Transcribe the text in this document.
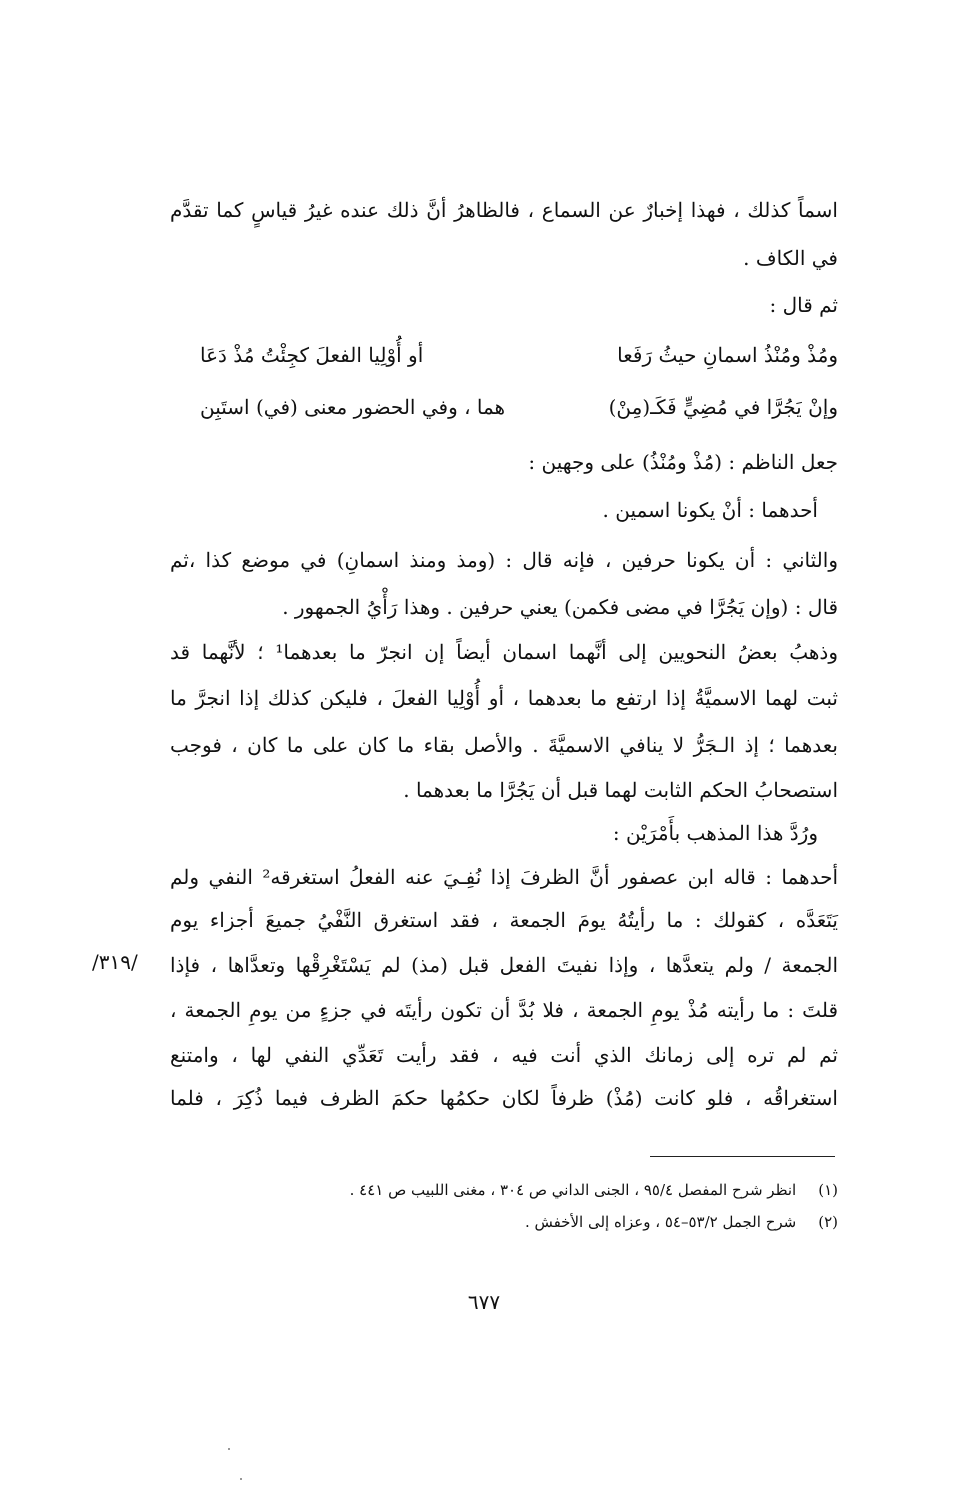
اسماً كذلك ، فهذا إخبارٌ عن السماع ، فالظاهرُ أنَّ ذلك عنده غيرُ قياسٍ كما تقدَّم
في الكاف .
ثم قال :
ومُذْ ومُنْذُ اسمانِ حيثُ رَفَعا
أو أُوْلِيا الفعلَ كجِئْتُ مُذْ دَعَا
وإنْ يَجُرَّا في مُضِيٍّ فَكَـ(مِنْ)
هما ، وفي الحضور معنى (في) استَبِن
جعل الناظم : (مُذْ ومُنْذُ) على وجهين :
أحدهما : أنْ يكونا اسمين .
والثاني : أن يكونا حرفين ، فإنه قال : (ومذ ومنذ اسمانِ) في موضع كذا ،ثم
قال : (وإن يَجُرَّا في مضى فكمن) يعني حرفين . وهذا رَأْيُ الجمهور .
وذهبُ بعضُ النحويين إلى أنَّهما اسمان أيضاً إن انجرّ ما بعدهما¹ ؛ لأنَّهما قد
ثبت لهما الاسميَّةُ إذا ارتفع ما بعدهما ، أو أُوْلِيا الفعلَ ، فليكن كذلك إذا انجرَّ ما
بعدهما ؛ إذ الـجَرُّ لا ينافي الاسميَّةَ . والأصل بقاء ما كان على ما كان ، فوجب
استصحابُ الحكم الثابت لهما قبل أن يَجُرَّا ما بعدهما .
ورُدَّ هذا المذهب بأَمْرَيْن :
أحدهما : قاله ابن عصفور أنَّ الظرفَ إذا نُفِـيَ عنه الفعلُ استغرقه² النفي ولم
يَتَعَدَّه ، كقولك : ما رأيتُهُ يومَ الجمعة ، فقد استغرق النَّفْيُ جميعَ أجزاء يوم
الجمعة / ولم يتعدَّها ، وإذا نفيتَ الفعل قبل (مذ) لم يَسْتَغْرِقْها وتعدَّاها ، فإذا
قلتَ : ما رأيته مُذْ يومِ الجمعة ، فلا بُدَّ أن تكون رأيتَه في جزءٍ من يومِ الجمعة ،
ثم لم تره إلى زمانك الذي أنت فيه ، فقد رأيت تَعَدِّي النفي لها ، وامتنع
استغراقُه ، فلو كانت (مُذْ) ظرفاً لكان حكمُها حكمَ الظرف فيما ذُكِرَ ، فلما
/٣١٩/
(١)انظر شرح المفصل ٩٥/٤ ، الجنى الداني ص ٣٠٤ ، مغنى اللبيب ص ٤٤١ .
(٢)شرح الجمل ٥٣/٢–٥٤ ، وعزاه إلى الأخفش .
٦٧٧
